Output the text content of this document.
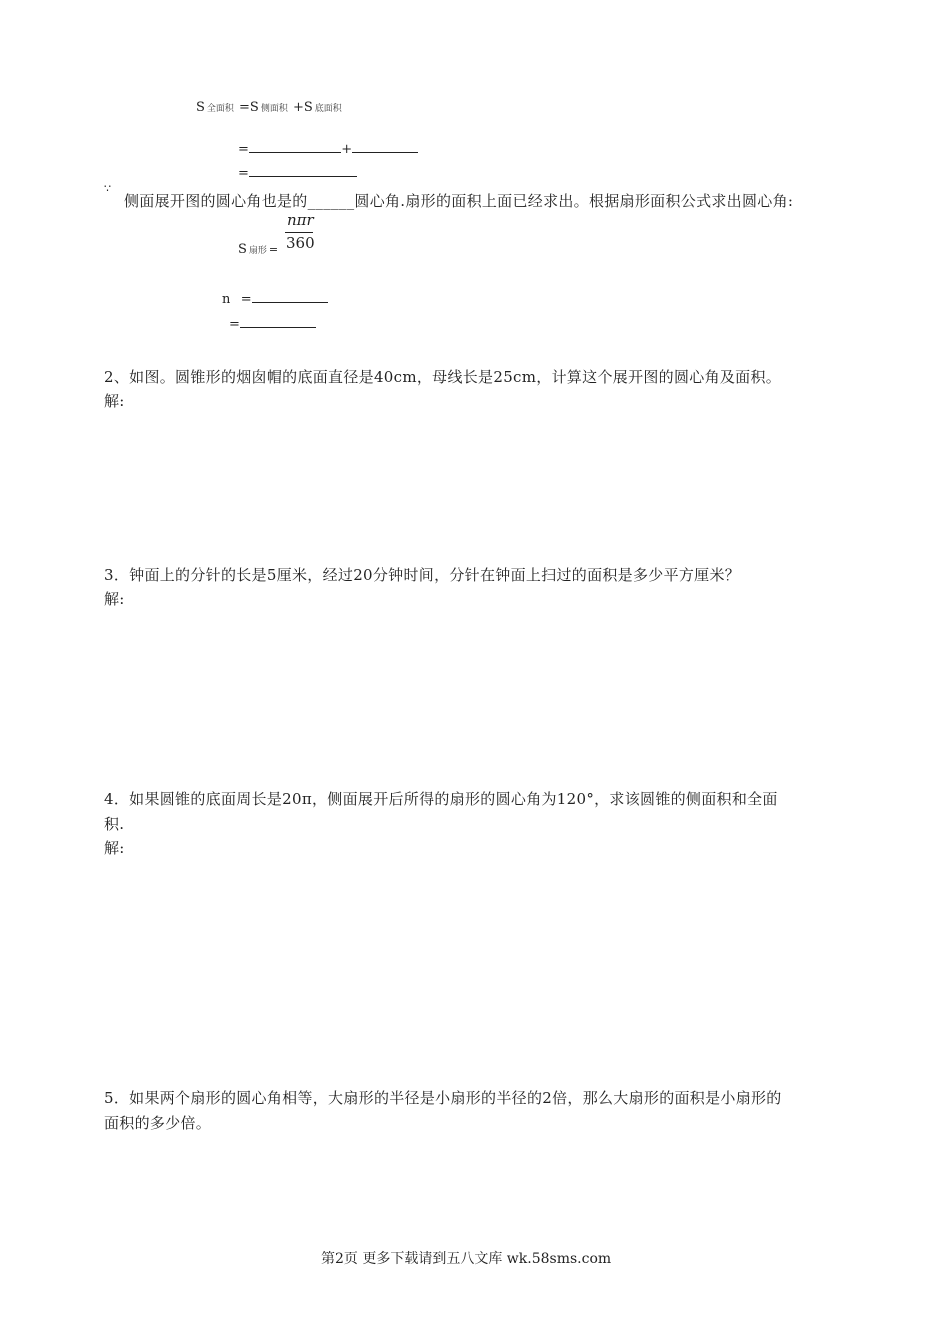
S 全面积 =S 侧面积 +S 底面积
=	+
=
∵
侧面展开图的圆心角也是的______圆心角.扇形的面积上面已经求出。根据扇形面积公式求出圆心角:
S 扇形 =
nπr
360
n =
=
2、如图。圆锥形的烟囱帽的底面直径是40cm，母线长是25cm，计算这个展开图的圆心角及面积。
解:
3．钟面上的分针的长是5厘米，经过20分钟时间，分针在钟面上扫过的面积是多少平方厘米？
解:
4．如果圆锥的底面周长是20π，侧面展开后所得的扇形的圆心角为120°，求该圆锥的侧面积和全面
积.
解:
5．如果两个扇形的圆心角相等，大扇形的半径是小扇形的半径的2倍，那么大扇形的面积是小扇形的
面积的多少倍。
第2页 更多下载请到五八文库 wk.58sms.com
